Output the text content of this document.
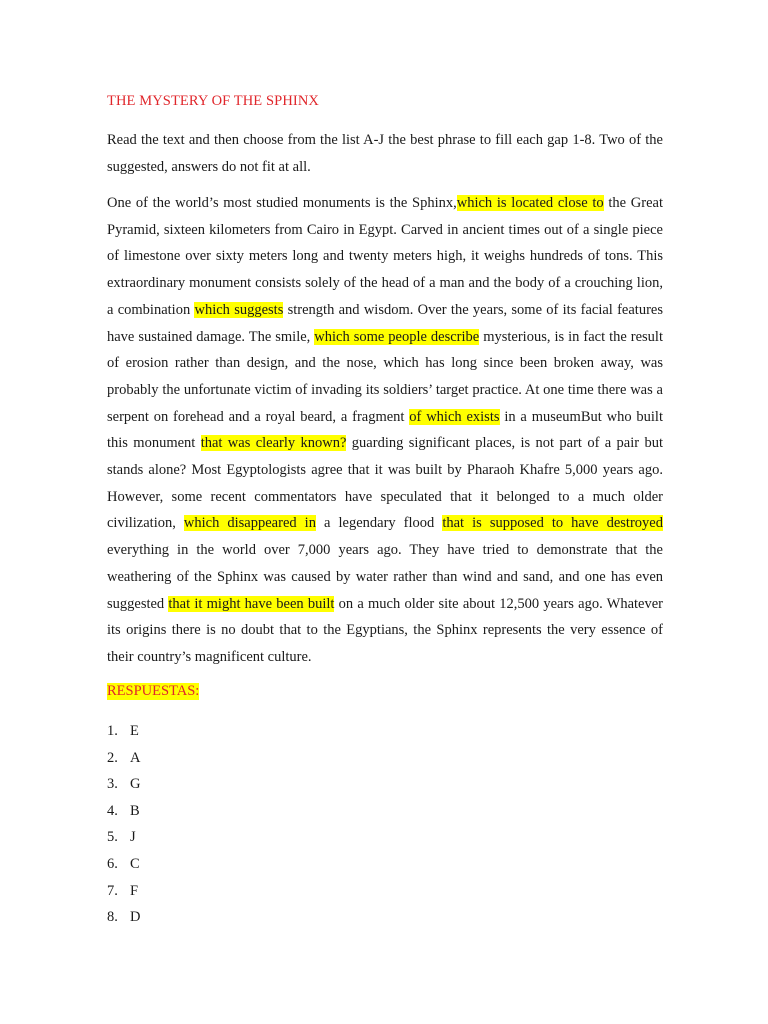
THE MYSTERY OF THE SPHINX

Read the text and then choose from the list A-J the best phrase to fill each gap 1-8. Two of the suggested, answers do not fit at all.

One of the world’s most studied monuments is the Sphinx,which is located close to the Great Pyramid, sixteen kilometers from Cairo in Egypt. Carved in ancient times out of a single piece of limestone over sixty meters long and twenty meters high, it weighs hundreds of tons. This extraordinary monument consists solely of the head of a man and the body of a crouching lion, a combination which suggests strength and wisdom. Over the years, some of its facial features have sustained damage. The smile, which some people describe mysterious, is in fact the result of erosion rather than design, and the nose, which has long since been broken away, was probably the unfortunate victim of invading its soldiers’ target practice. At one time there was a serpent on forehead and a royal beard, a fragment of which exists in a museumBut who built this monument that was clearly known? guarding significant places, is not part of a pair but stands alone? Most Egyptologists agree that it was built by Pharaoh Khafre 5,000 years ago. However, some recent commentators have speculated that it belonged to a much older civilization, which disappeared in a legendary flood that is supposed to have destroyed everything in the world over 7,000 years ago. They have tried to demonstrate that the weathering of the Sphinx was caused by water rather than wind and sand, and one has even suggested that it might have been built on a much older site about 12,500 years ago. Whatever its origins there is no doubt that to the Egyptians, the Sphinx represents the very essence of their country’s magnificent culture.

RESPUESTAS:
1. E
2. A
3. G
4. B
5. J
6. C
7. F
8. D
